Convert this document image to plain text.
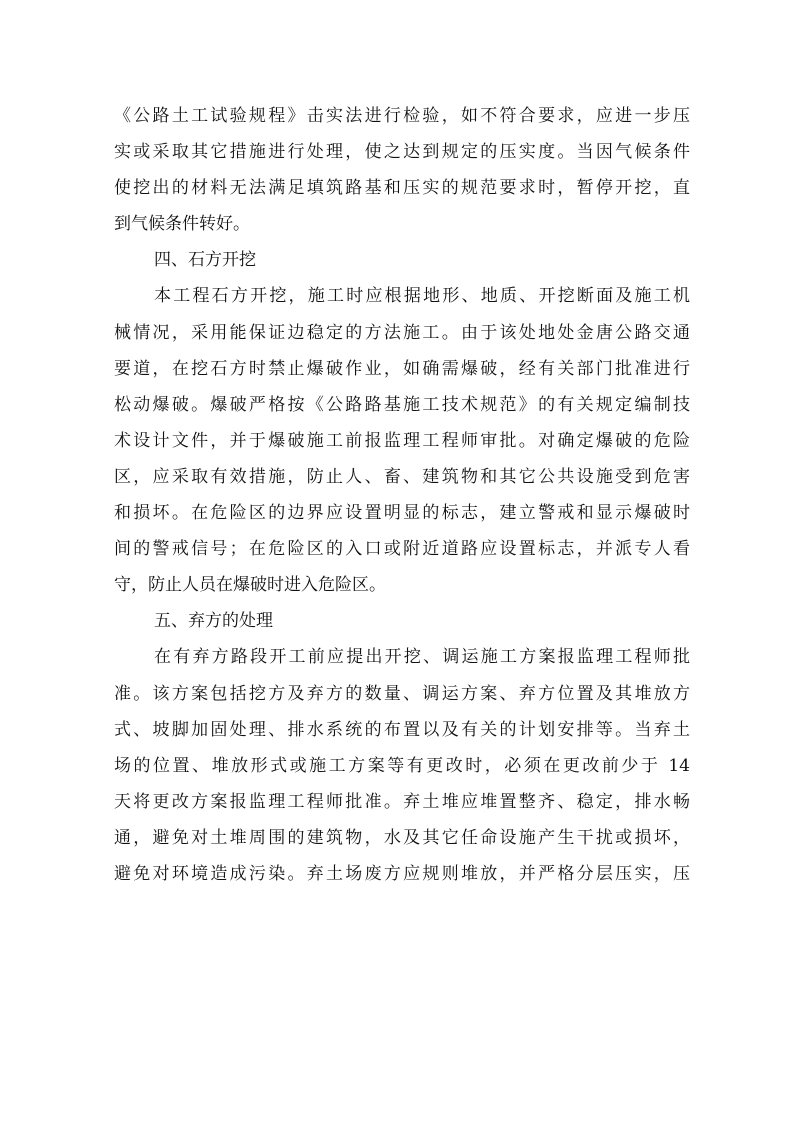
《公路土工试验规程》击实法进行检验，如不符合要求，应进一步压
实或采取其它措施进行处理，使之达到规定的压实度。当因气候条件
使挖出的材料无法满足填筑路基和压实的规范要求时，暂停开挖，直
到气候条件转好。
四、石方开挖
本工程石方开挖，施工时应根据地形、地质、开挖断面及施工机
械情况，采用能保证边稳定的方法施工。由于该处地处金唐公路交通
要道，在挖石方时禁止爆破作业，如确需爆破，经有关部门批准进行
松动爆破。爆破严格按《公路路基施工技术规范》的有关规定编制技
术设计文件，并于爆破施工前报监理工程师审批。对确定爆破的危险
区，应采取有效措施，防止人、畜、建筑物和其它公共设施受到危害
和损坏。在危险区的边界应设置明显的标志，建立警戒和显示爆破时
间的警戒信号；在危险区的入口或附近道路应设置标志，并派专人看
守，防止人员在爆破时进入危险区。
五、弃方的处理
在有弃方路段开工前应提出开挖、调运施工方案报监理工程师批
准。该方案包括挖方及弃方的数量、调运方案、弃方位置及其堆放方
式、坡脚加固处理、排水系统的布置以及有关的计划安排等。当弃土
场的位置、堆放形式或施工方案等有更改时，必须在更改前少于 14
天将更改方案报监理工程师批准。弃土堆应堆置整齐、稳定，排水畅
通，避免对土堆周围的建筑物，水及其它任命设施产生干扰或损坏，
避免对环境造成污染。弃土场废方应规则堆放，并严格分层压实，压
